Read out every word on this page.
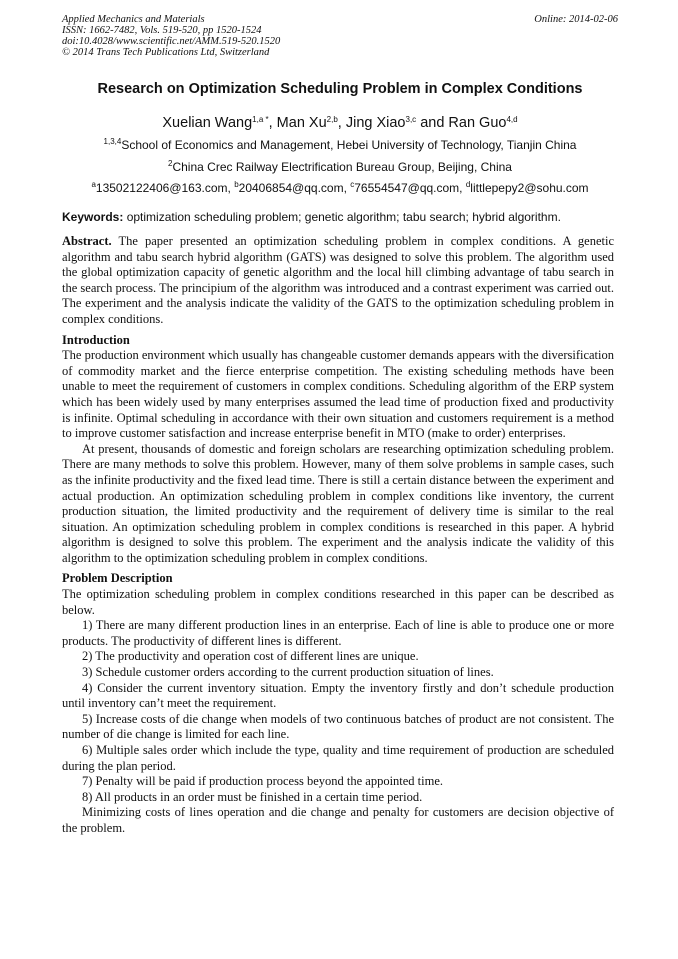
Applied Mechanics and Materials
ISSN: 1662-7482, Vols. 519-520, pp 1520-1524
doi:10.4028/www.scientific.net/AMM.519-520.1520
© 2014 Trans Tech Publications Ltd, Switzerland
Online: 2014-02-06
Research on Optimization Scheduling Problem in Complex Conditions
Xuelian Wang$^{1,a *}$, Man Xu$^{2,b}$, Jing Xiao$^{3,c}$ and Ran Guo$^{4,d}$
$^{1,3,4}$School of Economics and Management, Hebei University of Technology, Tianjin China
$^2$China Crec Railway Electrification Bureau Group, Beijing, China
$^a$13502122406@163.com, $^b$20406854@qq.com, $^c$76554547@qq.com, $^d$littlepepy2@sohu.com
Keywords: optimization scheduling problem; genetic algorithm; tabu search; hybrid algorithm.

Abstract. The paper presented an optimization scheduling problem in complex conditions. A genetic algorithm and tabu search hybrid algorithm (GATS) was designed to solve this problem. The algorithm used the global optimization capacity of genetic algorithm and the local hill climbing advantage of tabu search in the search process. The principium of the algorithm was introduced and a contrast experiment was carried out. The experiment and the analysis indicate the validity of the GATS to the optimization scheduling problem in complex conditions.

Introduction

The production environment which usually has changeable customer demands appears with the diversification of commodity market and the fierce enterprise competition. The existing scheduling methods have been unable to meet the requirement of customers in complex conditions. Scheduling algorithm of the ERP system which has been widely used by many enterprises assumed the lead time of production fixed and productivity is infinite. Optimal scheduling in accordance with their own situation and customers requirement is a method to improve customer satisfaction and increase enterprise benefit in MTO (make to order) enterprises.

At present, thousands of domestic and foreign scholars are researching optimization scheduling problem. There are many methods to solve this problem. However, many of them solve problems in sample cases, such as the infinite productivity and the fixed lead time. There is still a certain distance between the experiment and actual production. An optimization scheduling problem in complex conditions like inventory, the current production situation, the limited productivity and the requirement of delivery time is similar to the real situation. An optimization scheduling problem in complex conditions is researched in this paper. A hybrid algorithm is designed to solve this problem. The experiment and the analysis indicate the validity of this algorithm to the optimization scheduling problem in complex conditions.

Problem Description

The optimization scheduling problem in complex conditions researched in this paper can be described as below.

1) There are many different production lines in an enterprise. Each of line is able to produce one or more products. The productivity of different lines is different.

2) The productivity and operation cost of different lines are unique.

3) Schedule customer orders according to the current production situation of lines.

4) Consider the current inventory situation. Empty the inventory firstly and don’t schedule production until inventory can’t meet the requirement.

5) Increase costs of die change when models of two continuous batches of product are not consistent. The number of die change is limited for each line.

6) Multiple sales order which include the type, quality and time requirement of production are scheduled during the plan period.

7) Penalty will be paid if production process beyond the appointed time.

8) All products in an order must be finished in a certain time period.

Minimizing costs of lines operation and die change and penalty for customers are decision objective of the problem.
